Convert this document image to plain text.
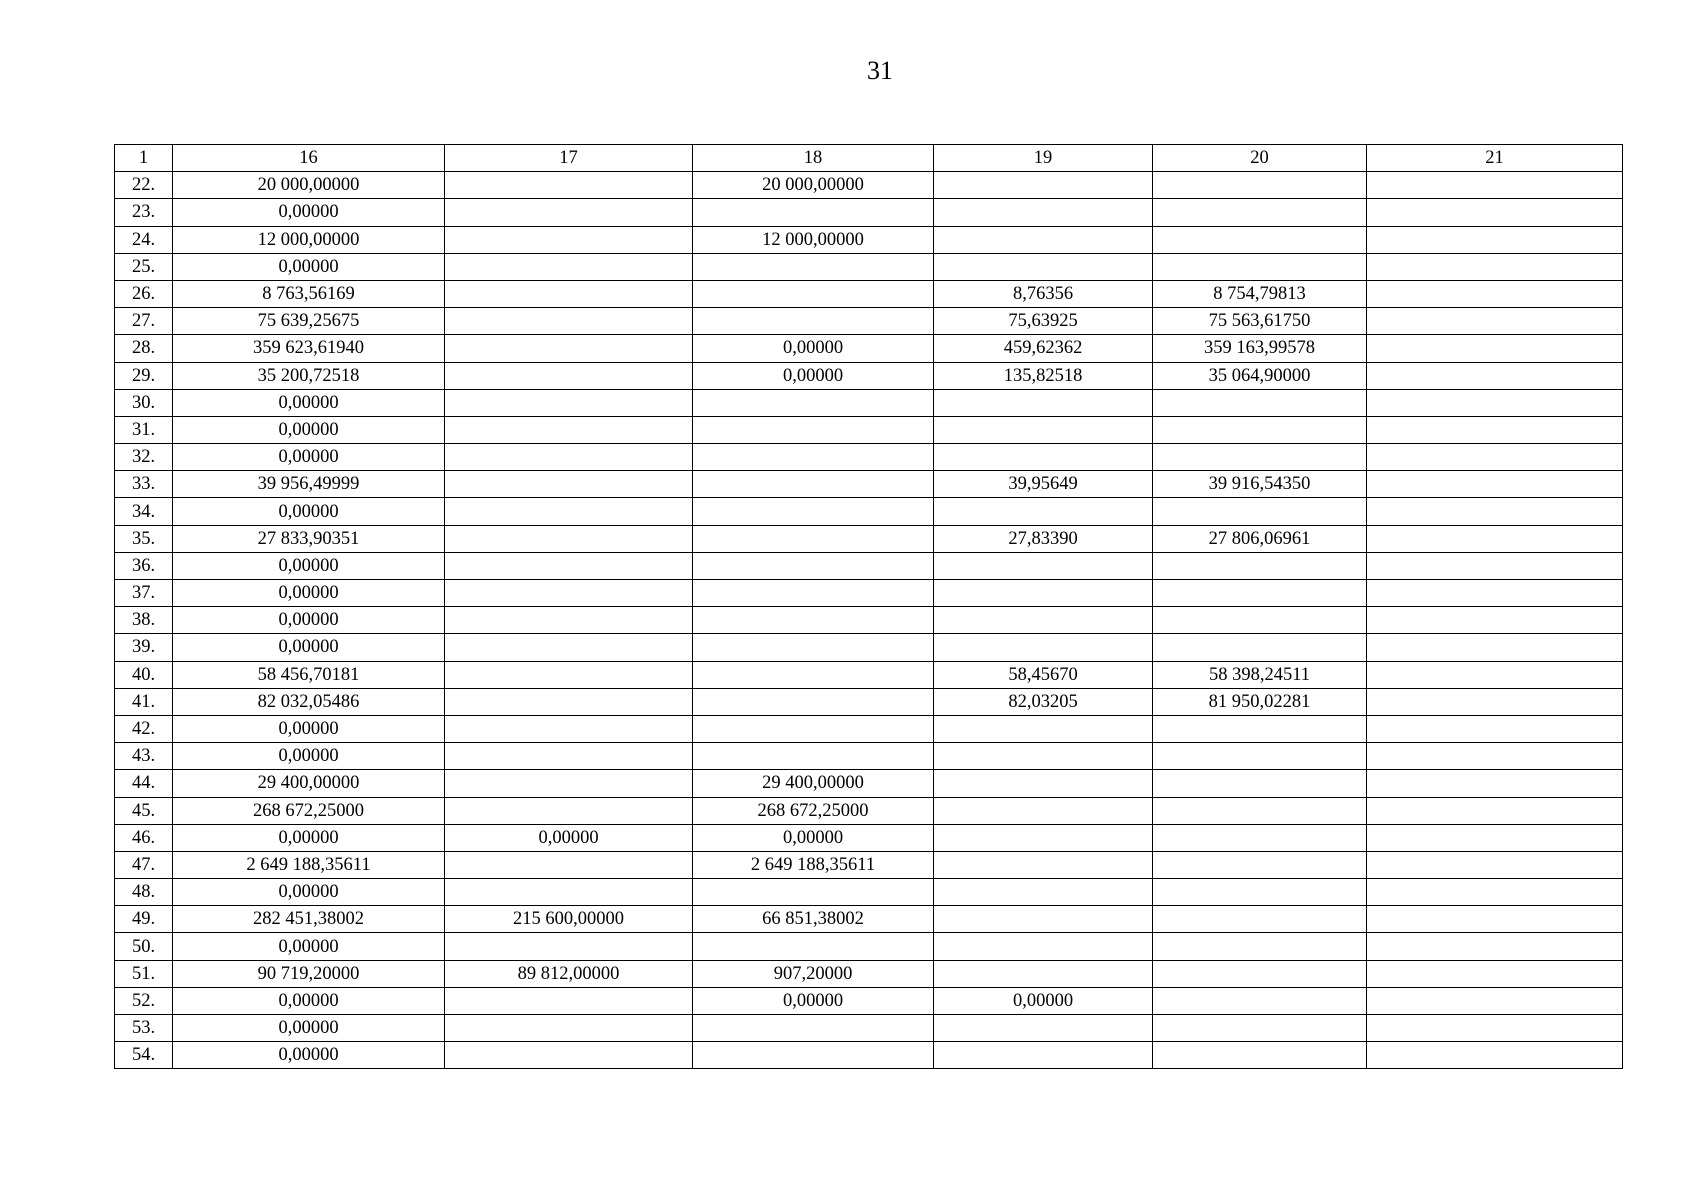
31
1	16	17	18	19	20	21
22.	20 000,00000		20 000,00000			
23.	0,00000					
24.	12 000,00000		12 000,00000			
25.	0,00000					
26.	8 763,56169			8,76356	8 754,79813	
27.	75 639,25675			75,63925	75 563,61750	
28.	359 623,61940		0,00000	459,62362	359 163,99578	
29.	35 200,72518		0,00000	135,82518	35 064,90000	
30.	0,00000					
31.	0,00000					
32.	0,00000					
33.	39 956,49999			39,95649	39 916,54350	
34.	0,00000					
35.	27 833,90351			27,83390	27 806,06961	
36.	0,00000					
37.	0,00000					
38.	0,00000					
39.	0,00000					
40.	58 456,70181			58,45670	58 398,24511	
41.	82 032,05486			82,03205	81 950,02281	
42.	0,00000					
43.	0,00000					
44.	29 400,00000		29 400,00000			
45.	268 672,25000		268 672,25000			
46.	0,00000	0,00000	0,00000			
47.	2 649 188,35611		2 649 188,35611			
48.	0,00000					
49.	282 451,38002	215 600,00000	66 851,38002			
50.	0,00000					
51.	90 719,20000	89 812,00000	907,20000			
52.	0,00000		0,00000	0,00000		
53.	0,00000					
54.	0,00000					
